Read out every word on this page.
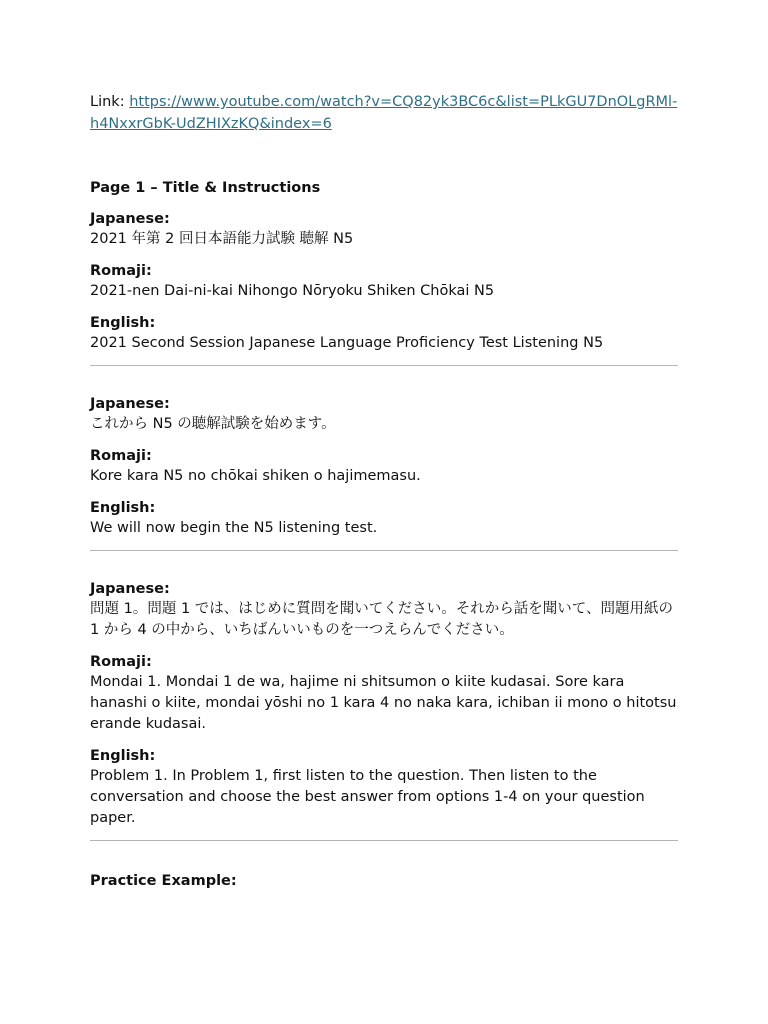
Link: https://www.youtube.com/watch?v=CQ82yk3BC6c&list=PLkGU7DnOLgRMl-h4NxxrGbK-UdZHIXzKQ&index=6

Page 1 – Title & Instructions

Japanese:

2021 年第 2 回日本語能力試験 聴解 N5

Romaji:

2021-nen Dai-ni-kai Nihongo Nōryoku Shiken Chōkai N5

English:

2021 Second Session Japanese Language Proficiency Test Listening N5

Japanese:

これから N5 の聴解試験を始めます。

Romaji:

Kore kara N5 no chōkai shiken o hajimemasu.

English:

We will now begin the N5 listening test.

Japanese:

問題 1。問題 1 では、はじめに質問を聞いてください。それから話を聞いて、問題用紙の 1 から 4 の中から、いちばんいいものを一つえらんでください。

Romaji:

Mondai 1. Mondai 1 de wa, hajime ni shitsumon o kiite kudasai. Sore kara hanashi o kiite, mondai yōshi no 1 kara 4 no naka kara, ichiban ii mono o hitotsu erande kudasai.

English:

Problem 1. In Problem 1, first listen to the question. Then listen to the conversation and choose the best answer from options 1-4 on your question paper.

Practice Example:
